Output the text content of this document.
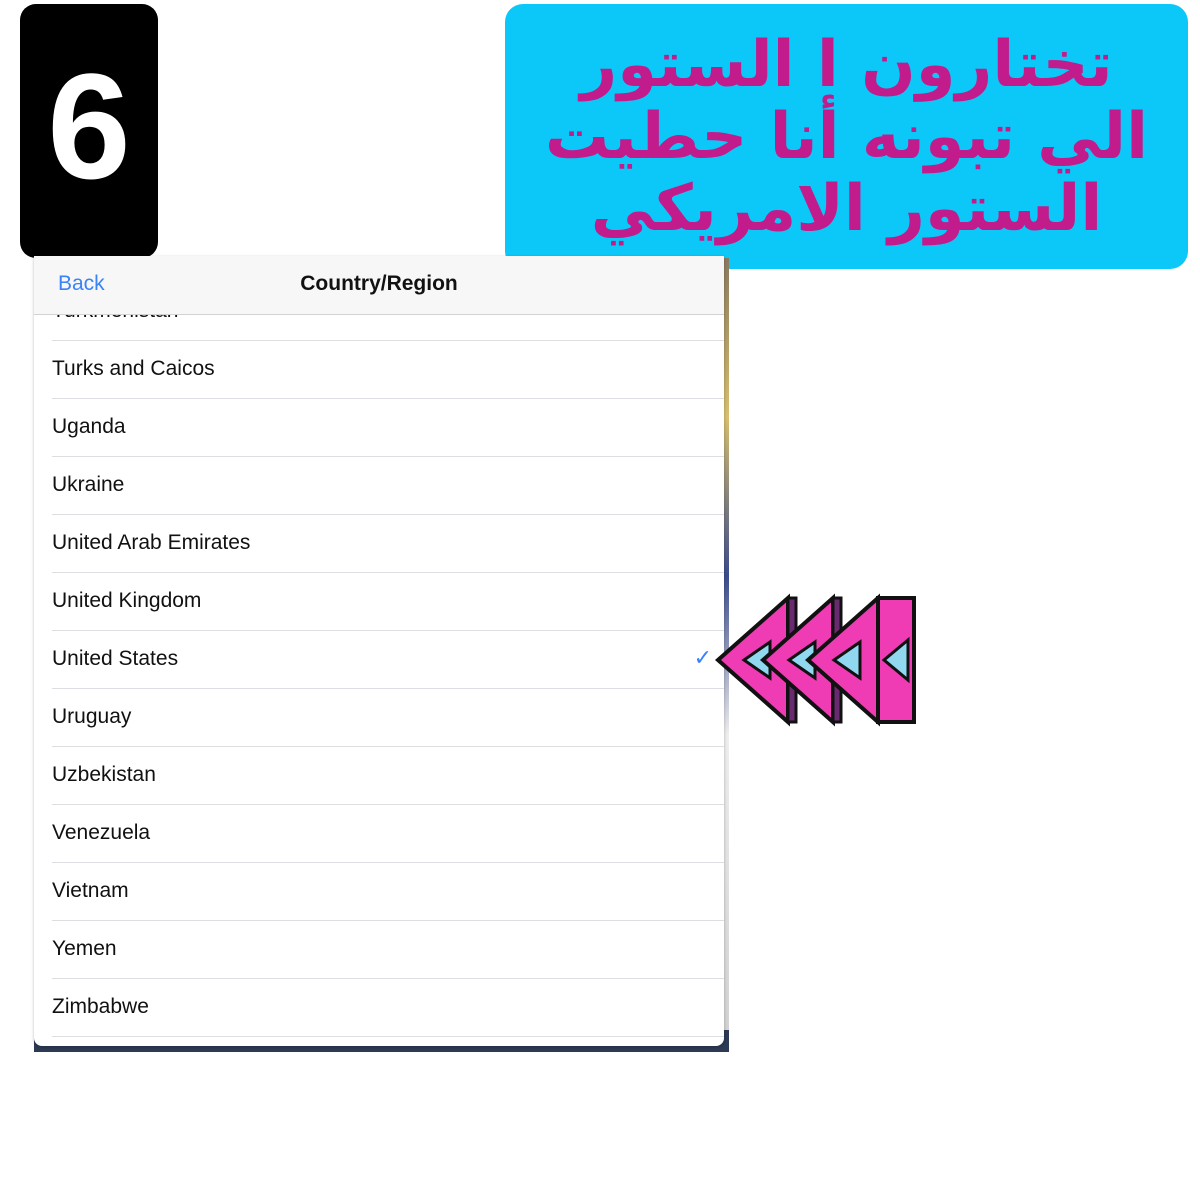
6	تختارون ا الستور الي تبونه أنا حطيت الستور الامريكي

Back	Country/Region
Turks and Caicos
Uganda
Ukraine
United Arab Emirates
United Kingdom
United States	✓
Uruguay
Uzbekistan
Venezuela
Vietnam
Yemen
Zimbabwe
